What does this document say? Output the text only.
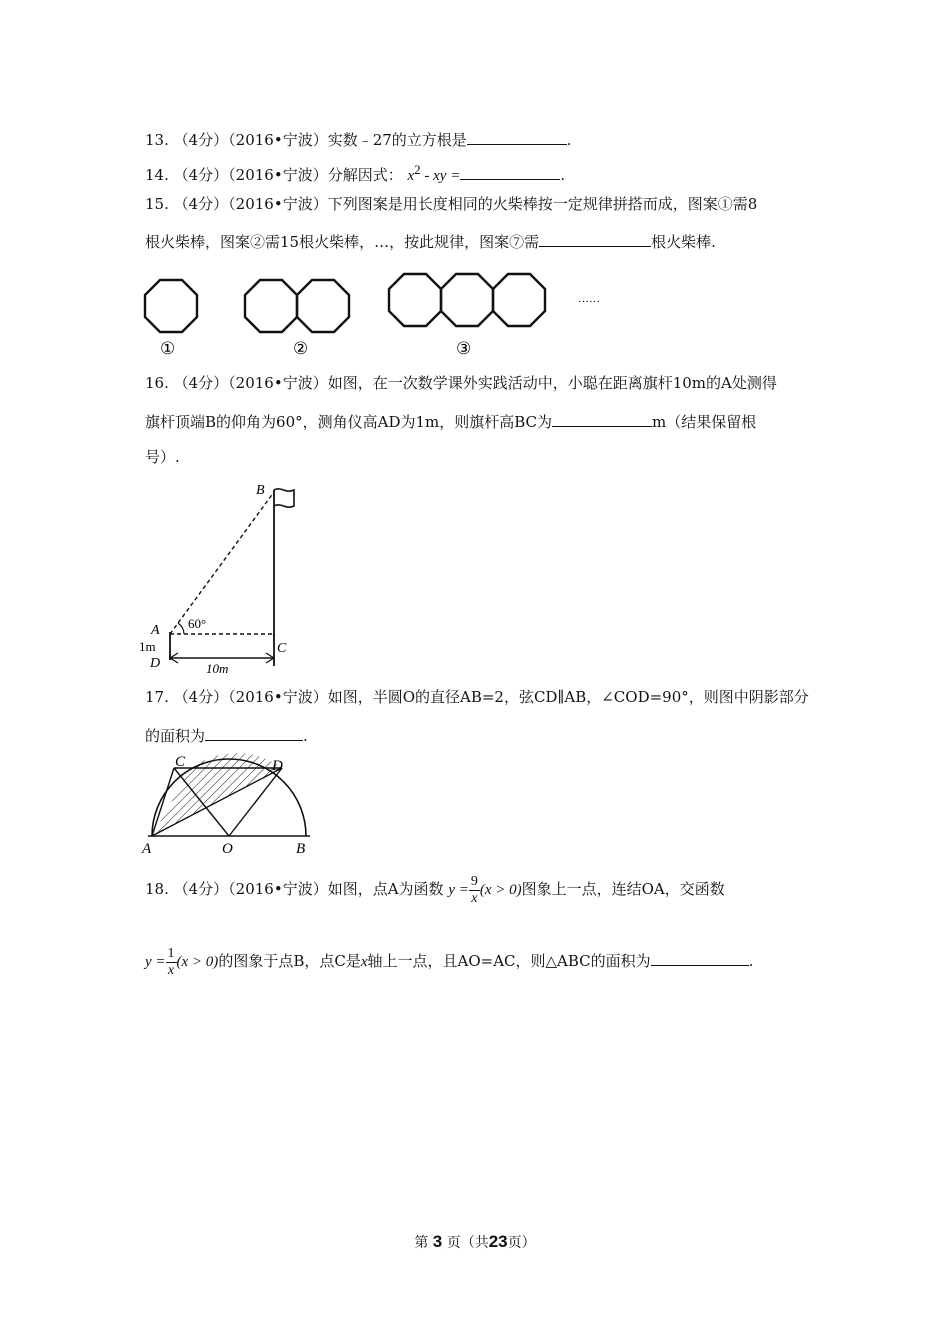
13. （4分）（2016•宁波）实数﹣27的立方根是	.
14. （4分）（2016•宁波）分解因式： $x^2$ - xy =	.
15. （4分）（2016•宁波）下列图案是用长度相同的火柴棒按一定规律拼搭而成，图案①需8
根火柴棒，图案②需15根火柴棒，…，按此规律，图案⑦需	根火柴棒.
①	②	③
……
16. （4分）（2016•宁波）如图，在一次数学课外实践活动中，小聪在距离旗杆10m的A处测得
旗杆顶端B的仰角为60°，测角仪高AD为1m，则旗杆高BC为	m（结果保留根
号）.
B
60°
A
1m
D
C
10m
17. （4分）（2016•宁波）如图，半圆O的直径AB=2，弦CD∥AB，∠COD=90°，则图中阴影部分
的面积为	.
C	D
A	O	B
18. （4分）（2016•宁波）如图，点A为函数 $y = \frac{9}{x} (x > 0)$图象上一点，连结OA，交函数
$y = \frac{1}{x} (x > 0)$的图象于点B，点C是x轴上一点，且AO=AC，则△ABC的面积为	.
第 3 页（共23页）
